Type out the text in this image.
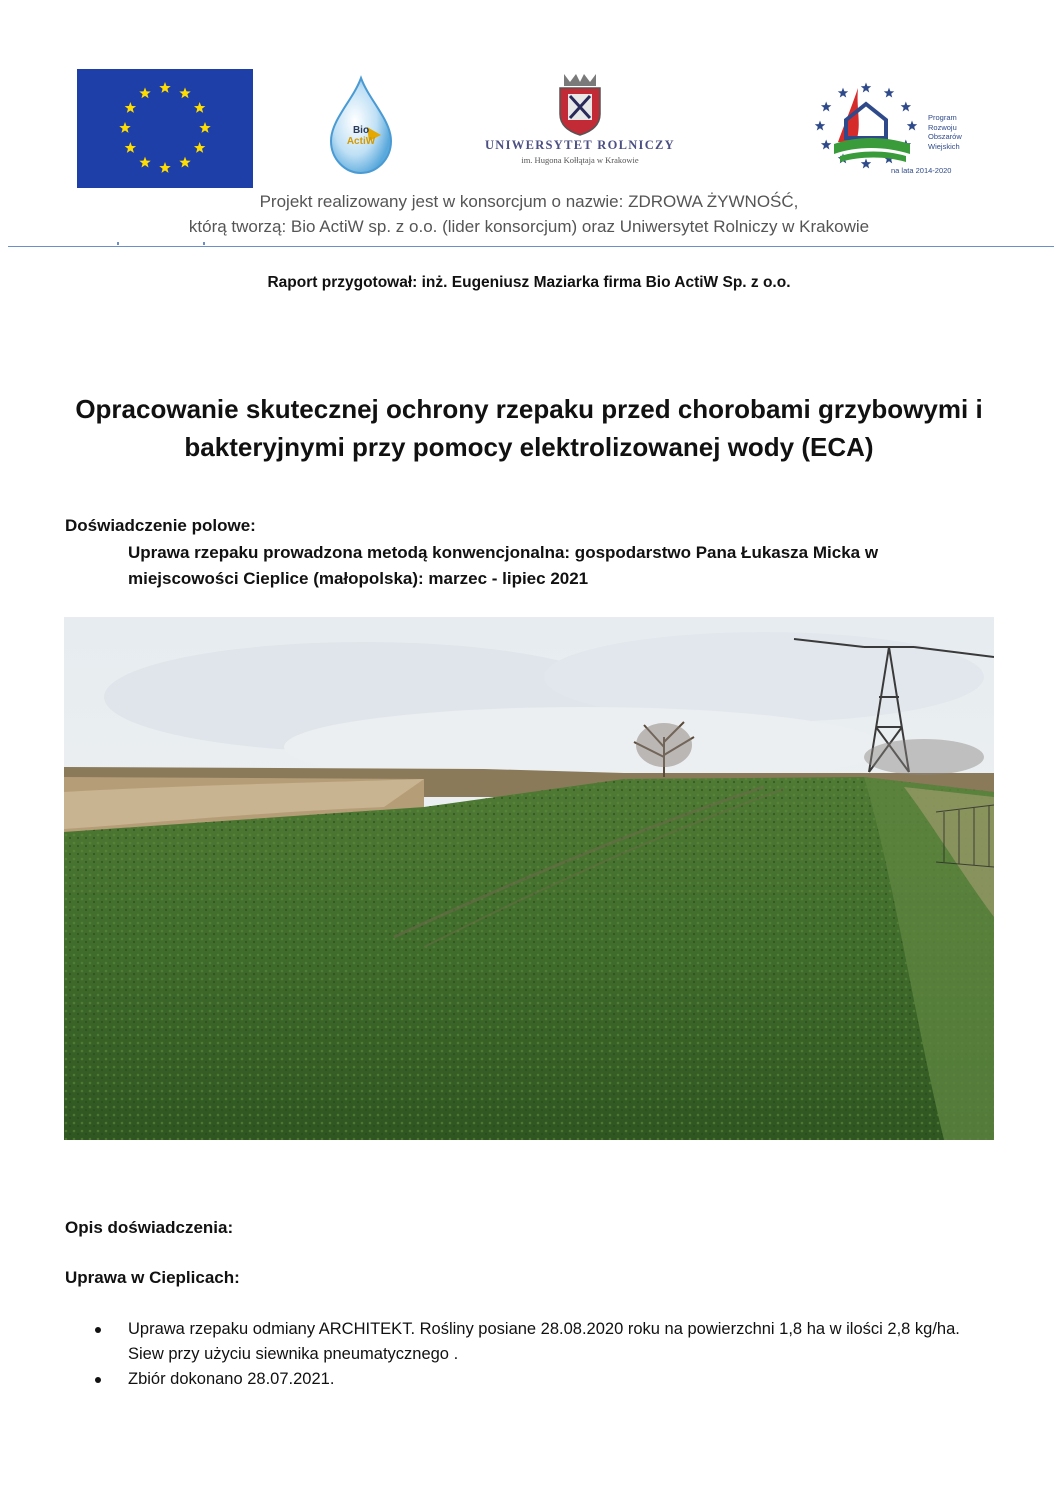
Bio
ActiW	UNIWERSYTET ROLNICZY
im. Hugona Kołłątaja w Krakowie
Program
Rozwoju
Obszarów
Wiejskich
na lata 2014-2020
Projekt realizowany jest w konsorcjum o nazwie: ZDROWA ŻYWNOŚĆ,
którą tworzą: Bio ActiW sp. z o.o. (lider konsorcjum) oraz Uniwersytet Rolniczy w Krakowie
Raport przygotował: inż. Eugeniusz Maziarka firma Bio ActiW Sp. z o.o.
Opracowanie skutecznej ochrony rzepaku przed chorobami grzybowymi i bakteryjnymi przy pomocy elektrolizowanej wody (ECA)
Doświadczenie polowe:
Uprawa rzepaku prowadzona metodą konwencjonalna: gospodarstwo Pana Łukasza Micka w miejscowości Cieplice (małopolska): marzec - lipiec 2021
Opis doświadczenia:
Uprawa w Cieplicach:
Uprawa rzepaku odmiany ARCHITEKT. Rośliny posiane 28.08.2020 roku na powierzchni 1,8 ha w ilości 2,8 kg/ha. Siew przy użyciu siewnika pneumatycznego .
Zbiór dokonano 28.07.2021.
